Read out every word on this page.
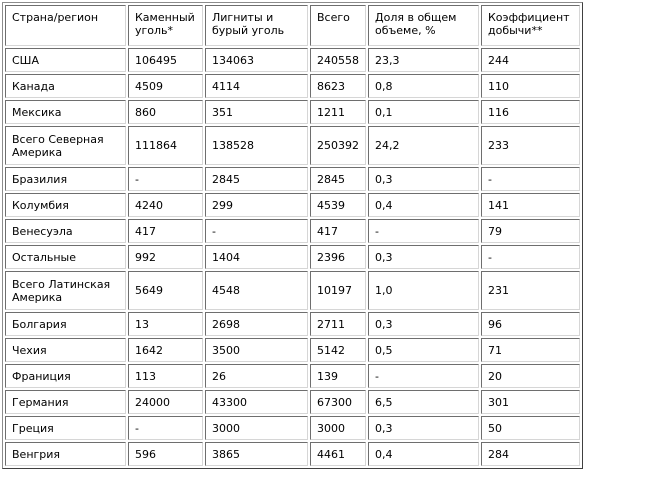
Страна/регион	Каменный уголь*	Лигниты и бурый уголь	Всего	Доля в общем объеме, %	Коэффициент добычи**
США	106495	134063	240558	23,3	244
Канада	4509	4114	8623	0,8	110
Мексика	860	351	1211	0,1	116
Всего Северная Америка	111864	138528	250392	24,2	233
Бразилия	-	2845	2845	0,3	-
Колумбия	4240	299	4539	0,4	141
Венесуэла	417	-	417	-	79
Остальные	992	1404	2396	0,3	-
Всего Латинская Америка	5649	4548	10197	1,0	231
Болгария	13	2698	2711	0,3	96
Чехия	1642	3500	5142	0,5	71
Франиция	113	26	139	-	20
Германия	24000	43300	67300	6,5	301
Греция	-	3000	3000	0,3	50
Венгрия	596	3865	4461	0,4	284
